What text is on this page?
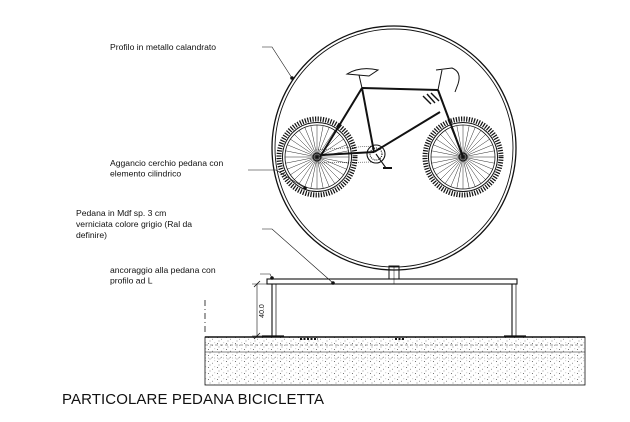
40.0
Profilo in metallo calandrato
Aggancio cerchio pedana con elemento cilindrico
Pedana in Mdf sp. 3 cm verniciata colore grigio (Ral da definire)
ancoraggio alla pedana con profilo ad L
PARTICOLARE PEDANA BICICLETTA
